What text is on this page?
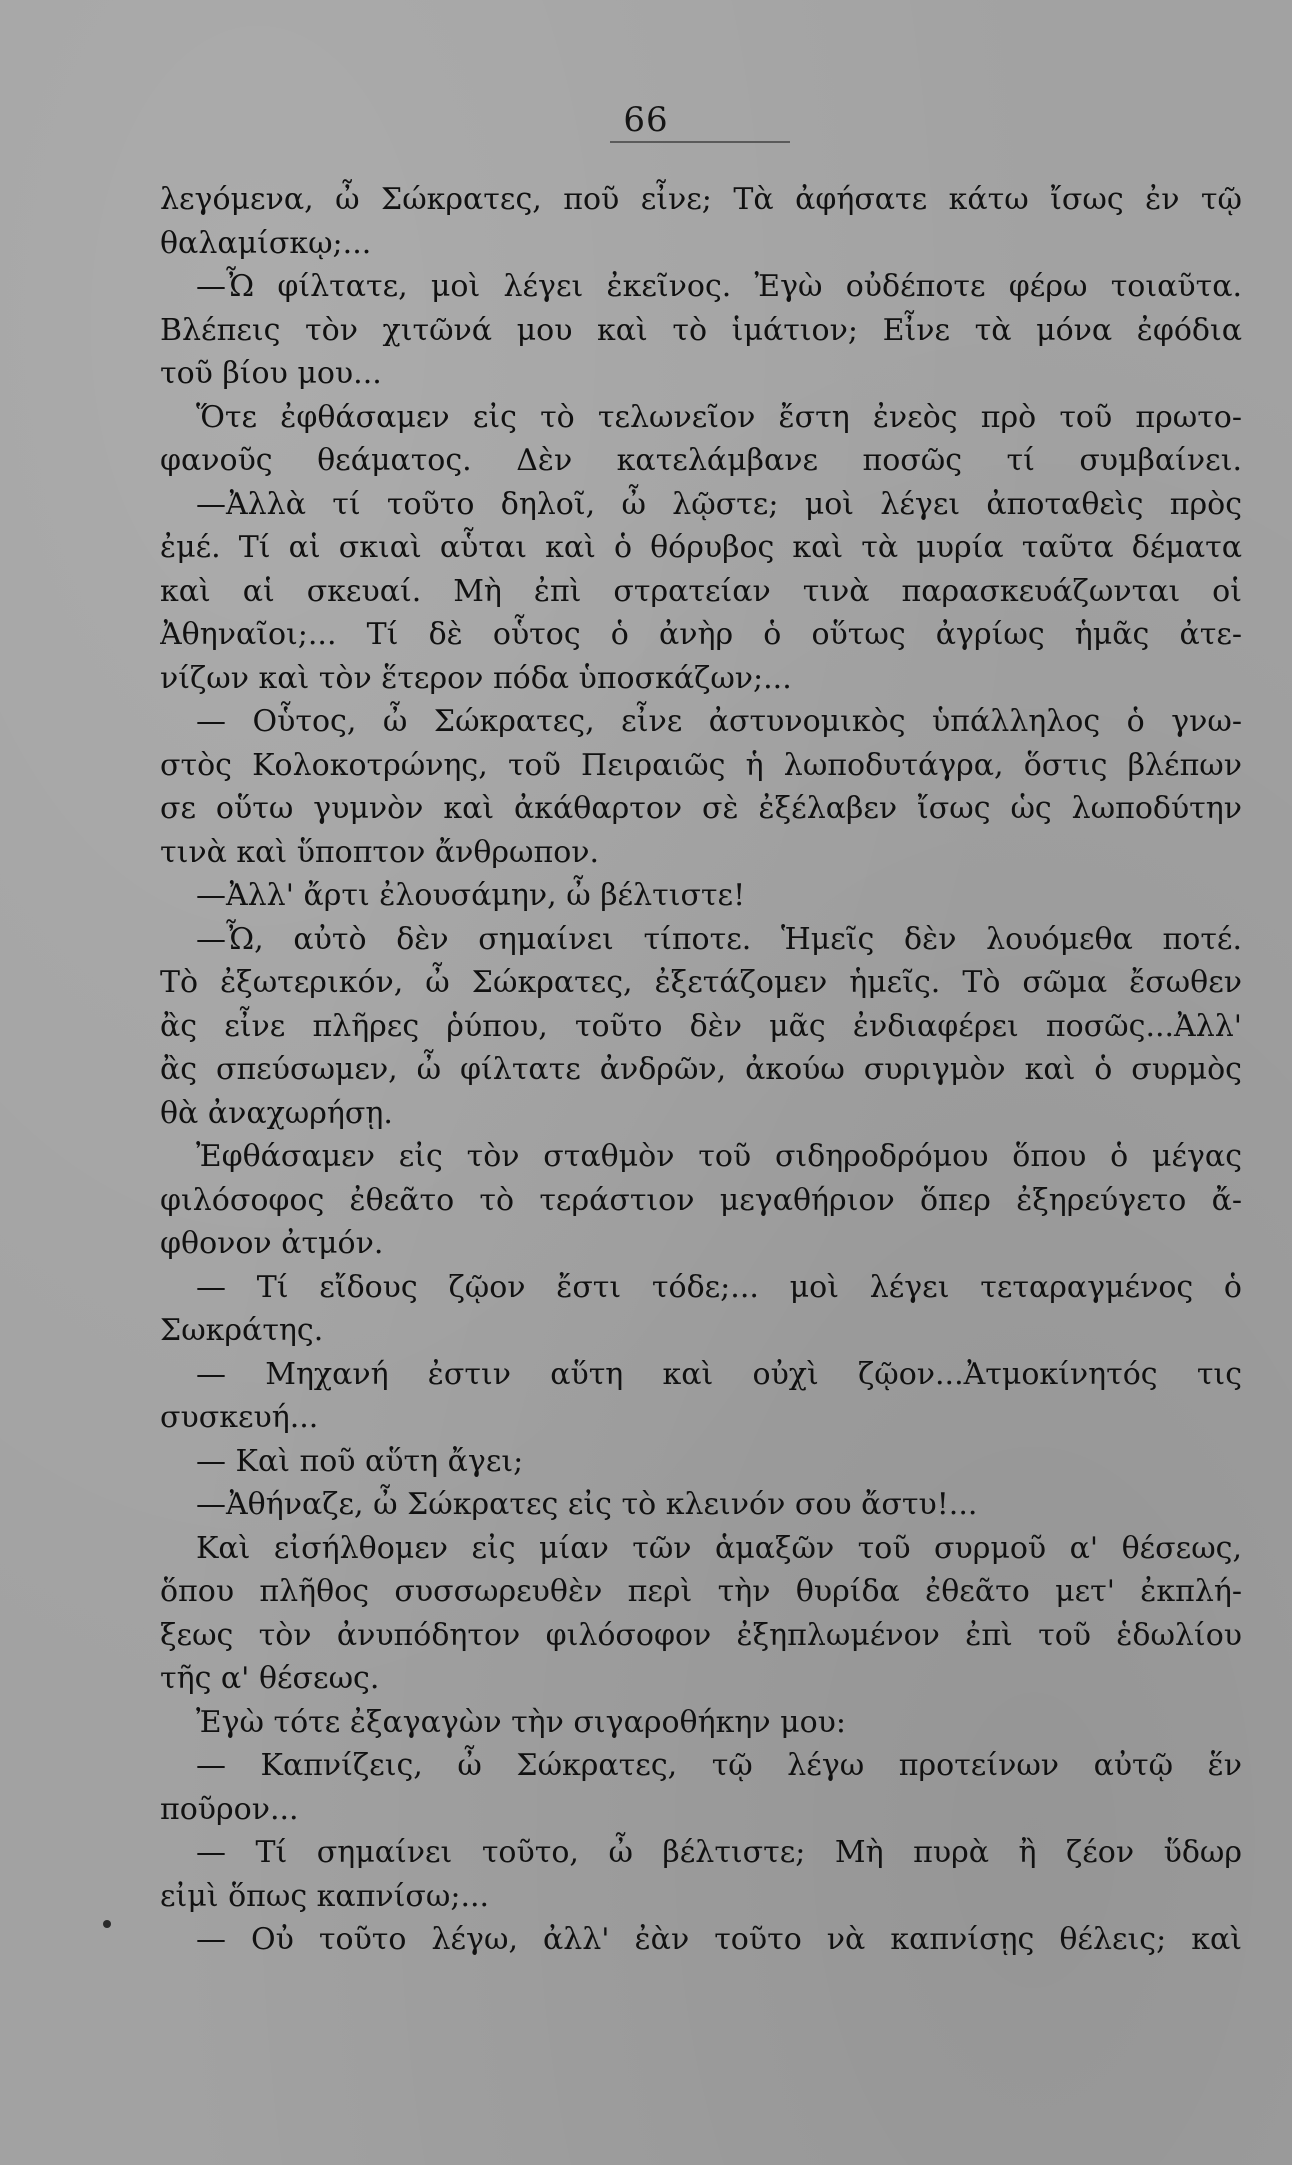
66
λεγόμενα, ὦ Σώκρατες, ποῦ εἶνε; Τὰ ἀφήσατε κάτω ἴσως ἐν τῷ
θαλαμίσκῳ;...
—Ὦ φίλτατε, μοὶ λέγει ἐκεῖνος. Ἐγὼ οὐδέποτε φέρω τοιαῦτα.
Βλέπεις τὸν χιτῶνά μου καὶ τὸ ἱμάτιον; Εἶνε τὰ μόνα ἐφόδια
τοῦ βίου μου...
Ὅτε ἐφθάσαμεν εἰς τὸ τελωνεῖον ἔστη ἐνεὸς πρὸ τοῦ πρωτο-
φανοῦς θεάματος. Δὲν κατελάμβανε ποσῶς τί συμβαίνει.
—Ἀλλὰ τί τοῦτο δηλοῖ, ὦ λῷστε; μοὶ λέγει ἀποταθεὶς πρὸς
ἐμέ. Τί αἱ σκιαὶ αὗται καὶ ὁ θόρυβος καὶ τὰ μυρία ταῦτα δέματα
καὶ αἱ σκευαί. Μὴ ἐπὶ στρατείαν τινὰ παρασκευάζωνται οἱ
Ἀθηναῖοι;... Τί δὲ οὗτος ὁ ἀνὴρ ὁ οὕτως ἀγρίως ἡμᾶς ἀτε-
νίζων καὶ τὸν ἕτερον πόδα ὑποσκάζων;...
— Οὗτος, ὦ Σώκρατες, εἶνε ἀστυνομικὸς ὑπάλληλος ὁ γνω-
στὸς Κολοκοτρώνης, τοῦ Πειραιῶς ἡ λωποδυτάγρα, ὅστις βλέπων
σε οὕτω γυμνὸν καὶ ἀκάθαρτον σὲ ἐξέλαβεν ἴσως ὡς λωποδύτην
τινὰ καὶ ὕποπτον ἄνθρωπον.
—Ἀλλ' ἄρτι ἐλουσάμην, ὦ βέλτιστε!
—Ὦ, αὐτὸ δὲν σημαίνει τίποτε. Ἡμεῖς δὲν λουόμεθα ποτέ.
Τὸ ἐξωτερικόν, ὦ Σώκρατες, ἐξετάζομεν ἡμεῖς. Τὸ σῶμα ἔσωθεν
ἂς εἶνε πλῆρες ῥύπου, τοῦτο δὲν μᾶς ἐνδιαφέρει ποσῶς...Ἀλλ'
ἂς σπεύσωμεν, ὦ φίλτατε ἀνδρῶν, ἀκούω συριγμὸν καὶ ὁ συρμὸς
θὰ ἀναχωρήσῃ.
Ἐφθάσαμεν εἰς τὸν σταθμὸν τοῦ σιδηροδρόμου ὅπου ὁ μέγας
φιλόσοφος ἐθεᾶτο τὸ τεράστιον μεγαθήριον ὅπερ ἐξηρεύγετο ἄ-
φθονον ἀτμόν.
— Τί εἴδους ζῷον ἔστι τόδε;... μοὶ λέγει τεταραγμένος ὁ
Σωκράτης.
— Μηχανή ἐστιν αὕτη καὶ οὐχὶ ζῷον...Ἀτμοκίνητός τις
συσκευή...
— Καὶ ποῦ αὕτη ἄγει;
—Ἀθήναζε, ὦ Σώκρατες εἰς τὸ κλεινόν σου ἄστυ!...
Καὶ εἰσήλθομεν εἰς μίαν τῶν ἁμαξῶν τοῦ συρμοῦ α' θέσεως,
ὅπου πλῆθος συσσωρευθὲν περὶ τὴν θυρίδα ἐθεᾶτο μετ' ἐκπλή-
ξεως τὸν ἀνυπόδητον φιλόσοφον ἐξηπλωμένον ἐπὶ τοῦ ἑδωλίου
τῆς α' θέσεως.
Ἐγὼ τότε ἐξαγαγὼν τὴν σιγαροθήκην μου:
— Καπνίζεις, ὦ Σώκρατες, τῷ λέγω προτείνων αὐτῷ ἕν
ποῦρον...
— Τί σημαίνει τοῦτο, ὦ βέλτιστε; Μὴ πυρὰ ἢ ζέον ὕδωρ
εἰμὶ ὅπως καπνίσω;...
— Οὐ τοῦτο λέγω, ἀλλ' ἐὰν τοῦτο νὰ καπνίσῃς θέλεις; καὶ
